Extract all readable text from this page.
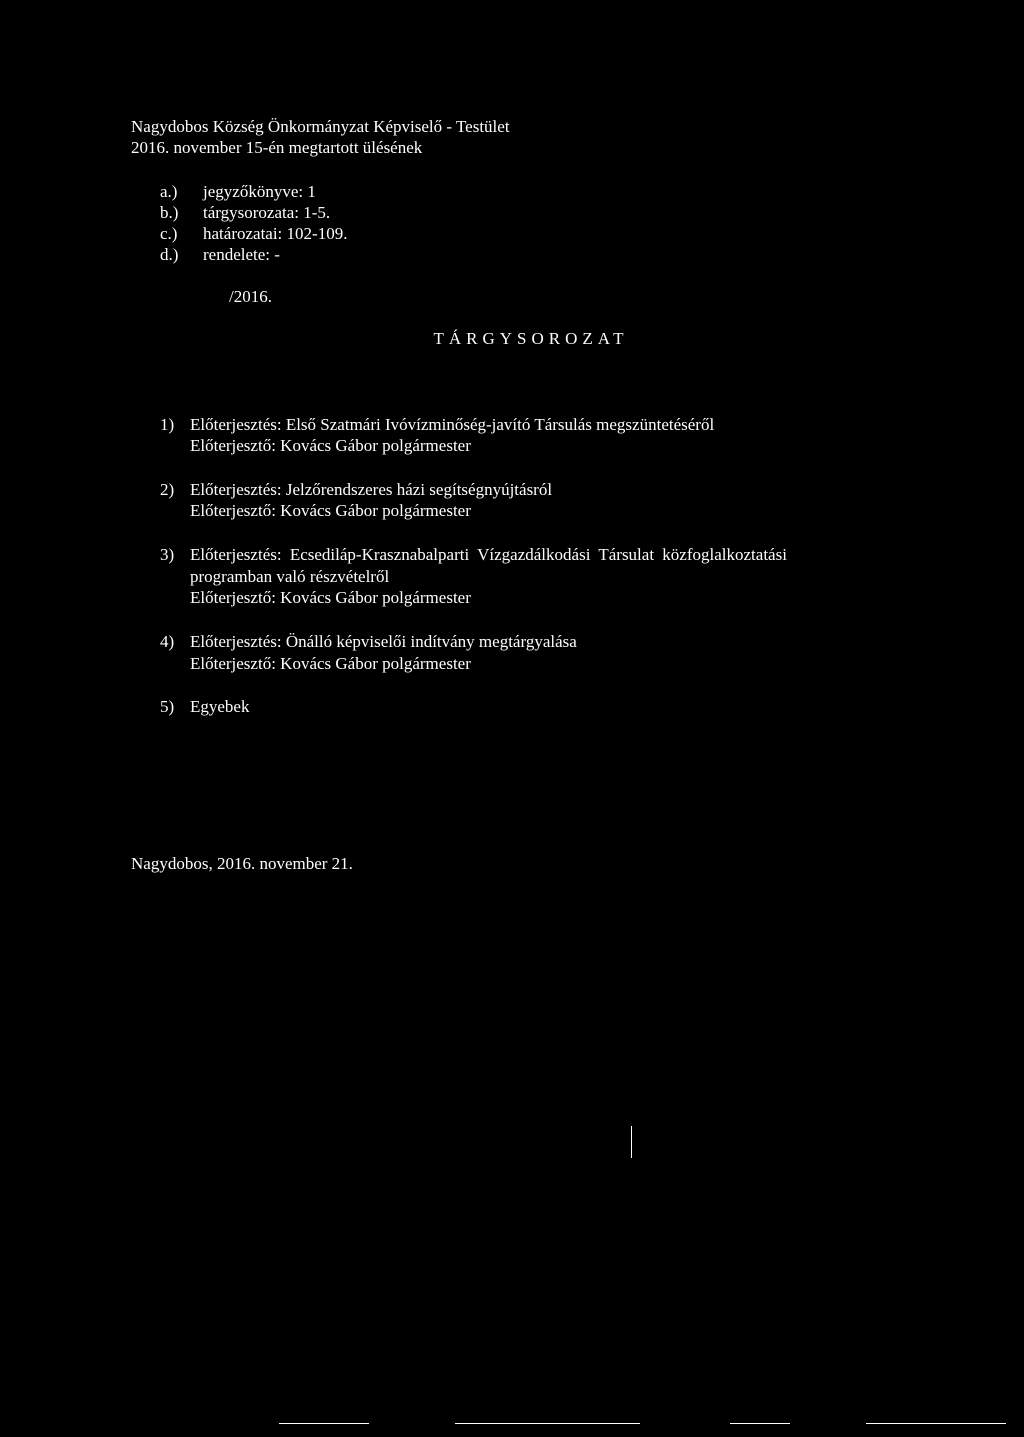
Nagydobos Község Önkormányzat Képviselő - Testület
2016. november 15-én megtartott ülésének
a.) jegyzőkönyve: 1
b.) tárgysorozata: 1-5.
c.) határozatai: 102-109.
d.) rendelete: -
/2016.
TÁRGYSOROZAT
1) Előterjesztés: Első Szatmári Ivóvízminőség-javító Társulás megszüntetéséről
Előterjesztő: Kovács Gábor polgármester
2) Előterjesztés: Jelzőrendszeres házi segítségnyújtásról
Előterjesztő: Kovács Gábor polgármester
3) Előterjesztés: Ecsediláp-Krasznabalparti Vízgazdálkodási Társulat közfoglalkoztatási
programban való részvételről
Előterjesztő: Kovács Gábor polgármester
4) Előterjesztés: Önálló képviselői indítvány megtárgyalása
Előterjesztő: Kovács Gábor polgármester
5) Egyebek
Nagydobos, 2016. november 21.
